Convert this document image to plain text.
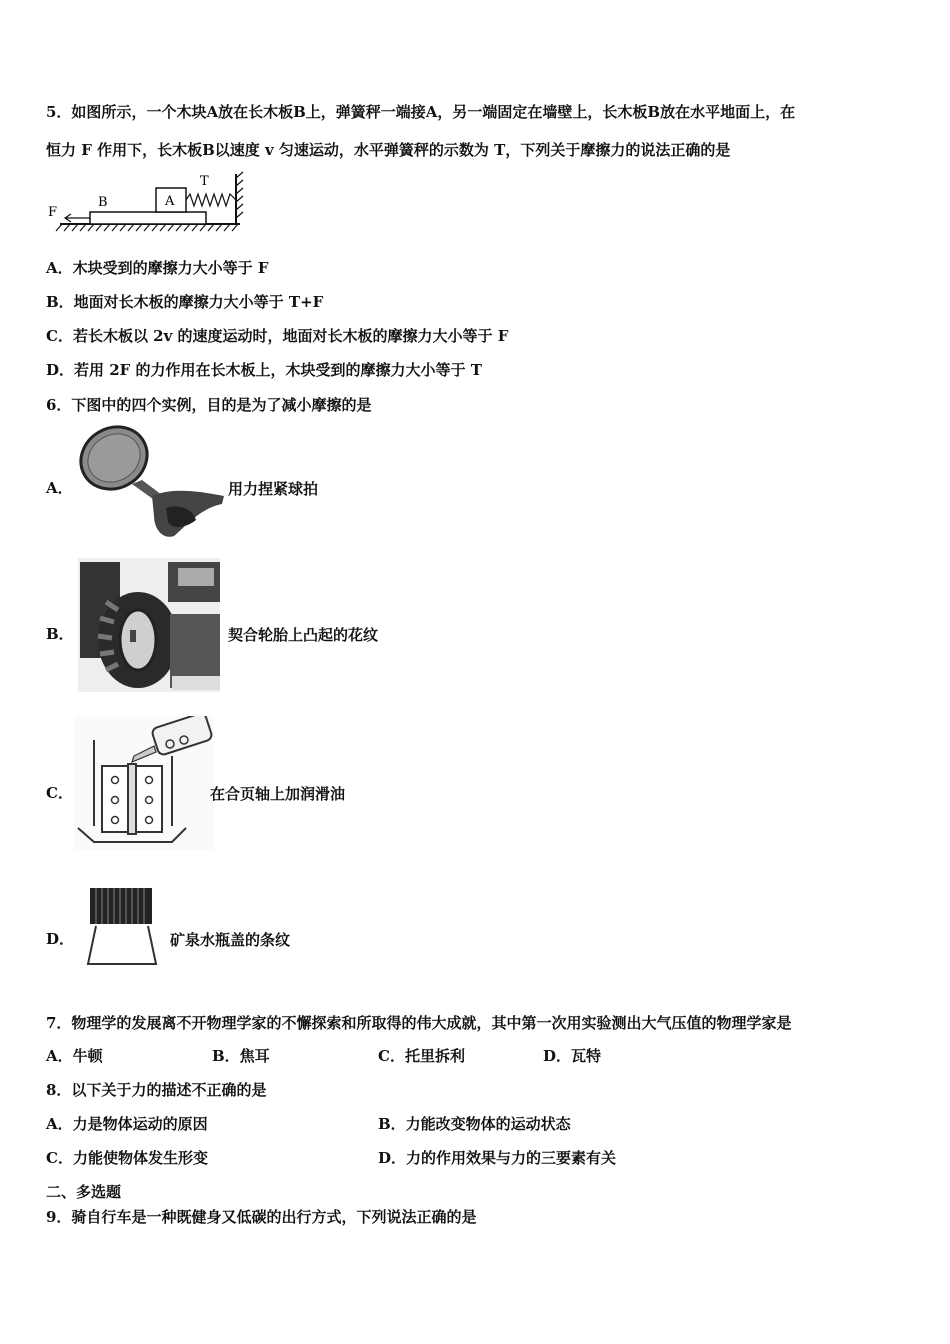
5．如图所示，一个木块A放在长木板B上，弹簧秤一端接A，另一端固定在墙壁上，长木板B放在水平地面上，在
恒力 F 作用下，长木板B以速度 v 匀速运动，水平弹簧秤的示数为 T，下列关于摩擦力的说法正确的是
F
B	A
T
A．木块受到的摩擦力大小等于 F
B．地面对长木板的摩擦力大小等于 T+F
C．若长木板以 2v 的速度运动时，地面对长木板的摩擦力大小等于 F
D．若用 2F 的力作用在长木板上，木块受到的摩擦力大小等于 T
6．下图中的四个实例，目的是为了减小摩擦的是
A．	用力捏紧球拍
B．	契合轮胎上凸起的花纹
C．	在合页轴上加润滑油
D．	矿泉水瓶盖的条纹
7．物理学的发展离不开物理学家的不懈探索和所取得的伟大成就，其中第一次用实验测出大气压值的物理学家是
A．牛顿	B．焦耳	C．托里拆利	D．瓦特
8．以下关于力的描述不正确的是
A．力是物体运动的原因	B．力能改变物体的运动状态
C．力能使物体发生形变	D．力的作用效果与力的三要素有关
二、多选题
9．骑自行车是一种既健身又低碳的出行方式，下列说法正确的是
